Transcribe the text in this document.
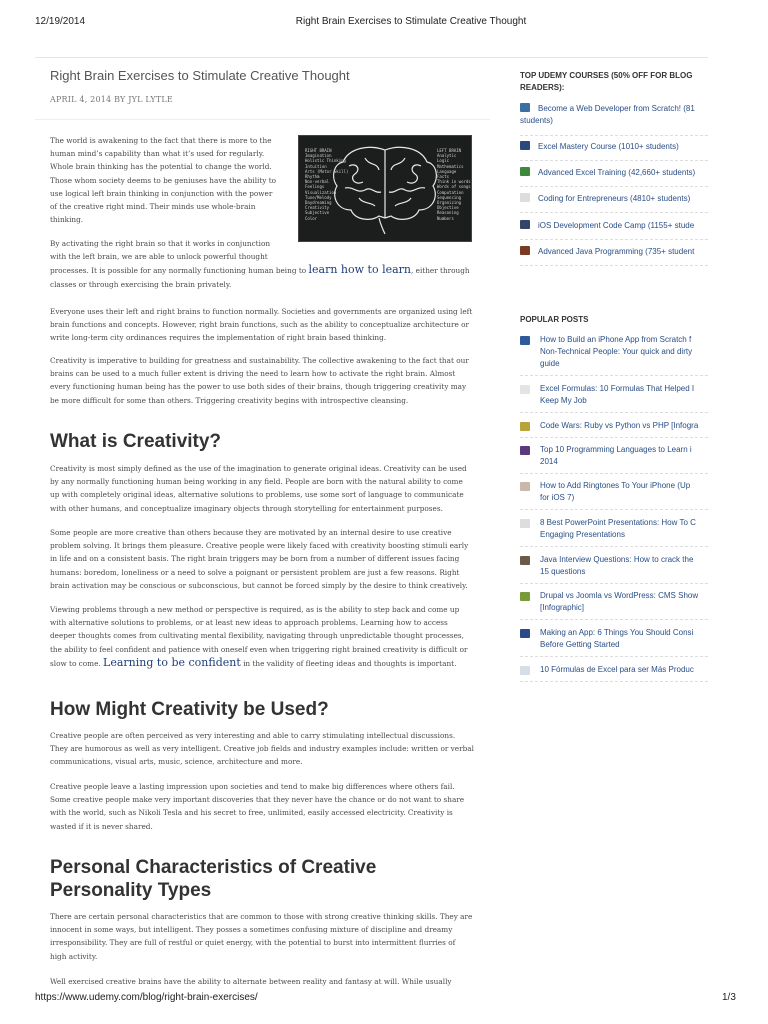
12/19/2014	Right Brain Exercises to Stimulate Creative Thought
Right Brain Exercises to Stimulate Creative Thought
APRIL 4, 2014 BY JYL LYTLE
The world is awakening to the fact that there is more to the
human mind’s capability than what it’s used for regularly.
Whole brain thinking has the potential to change the world.
Those whom society deems to be geniuses have the ability to
use logical left brain thinking in conjunction with the power
of the creative right mind. Their minds use whole-brain
thinking.
RIGHT BRAIN
Imagination
Holistic Thinking
Intuition
Arts (Motor Skill)
Rhythm
Non-verbal
Feelings
Visualization
Tune/Melody
Daydreaming
Creativity
Subjective
Color
LEFT BRAIN
Analytic
Logic
Mathematics
Language
Facts
Think in words
Words of songs
Computation
Sequencing
Organizing
Objective
Reasoning
Numbers
By activating the right brain so that it works in conjunction
with the left brain, we are able to unlock powerful thought
processes. It is possible for any normally functioning human being to learn how to learn, either through
classes or through exercising the brain privately.
Everyone uses their left and right brains to function normally. Societies and governments are organized using left
brain functions and concepts. However, right brain functions, such as the ability to conceptualize architecture or
write long-term city ordinances requires the implementation of right brain based thinking.
Creativity is imperative to building for greatness and sustainability. The collective awakening to the fact that our
brains can be used to a much fuller extent is driving the need to learn how to activate the right brain. Almost
every functioning human being has the power to use both sides of their brains, though triggering creativity may
be more difficult for some than others. Triggering creativity begins with introspective cleansing.
What is Creativity?
Creativity is most simply defined as the use of the imagination to generate original ideas. Creativity can be used
by any normally functioning human being working in any field. People are born with the natural ability to come
up with completely original ideas, alternative solutions to problems, use some sort of language to communicate
with other humans, and conceptualize imaginary objects through storytelling for entertainment purposes.
Some people are more creative than others because they are motivated by an internal desire to use creative
problem solving. It brings them pleasure. Creative people were likely faced with creativity boosting stimuli early
in life and on a consistent basis. The right brain triggers may be born from a number of different issues facing
humans: boredom, loneliness or a need to solve a poignant or persistent problem are just a few reasons. Right
brain activation may be conscious or subconscious, but cannot be forced simply by the desire to think creatively.
Viewing problems through a new method or perspective is required, as is the ability to step back and come up
with alternative solutions to problems, or at least new ideas to approach problems. Learning how to access
deeper thoughts comes from cultivating mental flexibility, navigating through unpredictable thought processes,
the ability to feel confident and patience with oneself even when triggering right brained creativity is difficult or
slow to come. Learning to be confident in the validity of fleeting ideas and thoughts is important.
How Might Creativity be Used?
Creative people are often perceived as very interesting and able to carry stimulating intellectual discussions.
They are humorous as well as very intelligent. Creative job fields and industry examples include: written or verbal
communications, visual arts, music, science, architecture and more.
Creative people leave a lasting impression upon societies and tend to make big differences where others fail.
Some creative people make very important discoveries that they never have the chance or do not want to share
with the world, such as Nikoli Tesla and his secret to free, unlimited, easily accessed electricity. Creativity is
wasted if it is never shared.
Personal Characteristics of Creative
Personality Types
There are certain personal characteristics that are common to those with strong creative thinking skills. They are
innocent in some ways, but intelligent. They posses a sometimes confusing mixture of discipline and dreamy
irresponsibility. They are full of restful or quiet energy, with the potential to burst into intermittent flurries of
high activity.
Well exercised creative brains have the ability to alternate between reality and fantasy at will. While usually
TOP UDEMY COURSES (50% OFF FOR BLOG READERS):
Become a Web Developer from Scratch! (81
students)
Excel Mastery Course (1010+ students)
Advanced Excel Training (42,660+ students)
Coding for Entrepreneurs (4810+ students)
iOS Development Code Camp (1155+ stude
Advanced Java Programming (735+ student
POPULAR POSTS
How to Build an iPhone App from Scratch f
Non-Technical People: Your quick and dirty
guide
Excel Formulas: 10 Formulas That Helped I
Keep My Job
Code Wars: Ruby vs Python vs PHP [Infogra
Top 10 Programming Languages to Learn i
2014
How to Add Ringtones To Your iPhone (Up
for iOS 7)
8 Best PowerPoint Presentations: How To C
Engaging Presentations
Java Interview Questions: How to crack the
15 questions
Drupal vs Joomla vs WordPress: CMS Show
[Infographic]
Making an App: 6 Things You Should Consi
Before Getting Started
10 Fórmulas de Excel para ser Más Produc
https://www.udemy.com/blog/right-brain-exercises/	1/3
